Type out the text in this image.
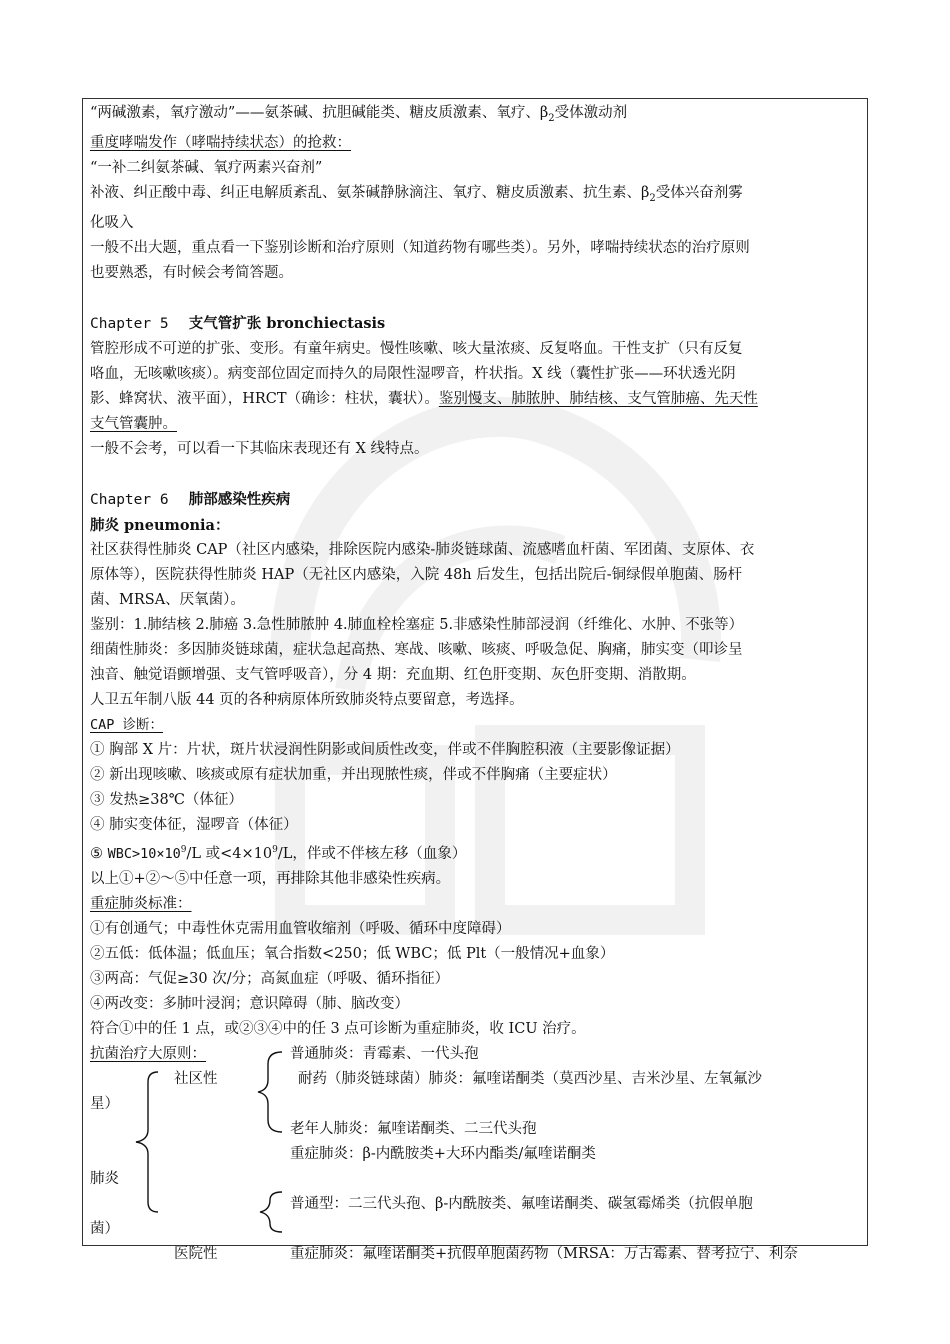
“两碱激素，氧疗激动”——氨茶碱、抗胆碱能类、糖皮质激素、氧疗、$\beta_2$受体激动剂
重度哮喘发作（哮喘持续状态）的抢救：
“一补二纠氨茶碱、氧疗两素兴奋剂”
补液、纠正酸中毒、纠正电解质紊乱、氨茶碱静脉滴注、氧疗、糖皮质激素、抗生素、$\beta_2$受体兴奋剂雾
化吸入
一般不出大题，重点看一下鉴别诊断和治疗原则（知道药物有哪些类）。另外，哮喘持续状态的治疗原则
也要熟悉，有时候会考简答题。
Chapter 5 支气管扩张 bronchiectasis
管腔形成不可逆的扩张、变形。有童年病史。慢性咳嗽、咳大量浓痰、反复咯血。干性支扩（只有反复
咯血，无咳嗽咳痰）。病变部位固定而持久的局限性湿啰音，杵状指。X 线（囊性扩张——环状透光阴
影、蜂窝状、液平面），HRCT（确诊：柱状，囊状）。鉴别慢支、肺脓肿、肺结核、支气管肺癌、先天性
支气管囊肿。
一般不会考，可以看一下其临床表现还有 X 线特点。
Chapter 6 肺部感染性疾病
肺炎 pneumonia：
社区获得性肺炎 CAP（社区内感染，排除医院内感染-肺炎链球菌、流感嗜血杆菌、军团菌、支原体、衣
原体等），医院获得性肺炎 HAP（无社区内感染，入院 48h 后发生，包括出院后-铜绿假单胞菌、肠杆
菌、MRSA、厌氧菌）。
鉴别：1.肺结核 2.肺癌 3.急性肺脓肿 4.肺血栓栓塞症 5.非感染性肺部浸润（纤维化、水肿、不张等）
细菌性肺炎：多因肺炎链球菌，症状急起高热、寒战、咳嗽、咳痰、呼吸急促、胸痛，肺实变（叩诊呈
浊音、触觉语颤增强、支气管呼吸音），分 4 期：充血期、红色肝变期、灰色肝变期、消散期。
人卫五年制八版 44 页的各种病原体所致肺炎特点要留意，考选择。
CAP 诊断：
① 胸部 X 片：片状，斑片状浸润性阴影或间质性改变，伴或不伴胸腔积液（主要影像证据）
② 新出现咳嗽、咳痰或原有症状加重，并出现脓性痰，伴或不伴胸痛（主要症状）
③ 发热≥38℃（体征）
④ 肺实变体征，湿啰音（体征）
⑤ $WBC>10\times 10^9/L$ 或$<4\times 10^9/L$，伴或不伴核左移（血象）
以上①+②～⑤中任意一项，再排除其他非感染性疾病。
重症肺炎标准：
①有创通气；中毒性休克需用血管收缩剂（呼吸、循环中度障碍）
②五低：低体温；低血压；氧合指数<250；低 WBC；低 Plt（一般情况+血象）
③两高：气促≥30 次/分；高氮血症（呼吸、循环指征）
④两改变：多肺叶浸润；意识障碍（肺、脑改变）
符合①中的任 1 点，或②③④中的任 3 点可诊断为重症肺炎，收 ICU 治疗。
抗菌治疗大原则：	普通肺炎：青霉素、一代头孢
社区性	耐药（肺炎链球菌）肺炎：氟喹诺酮类（莫西沙星、吉米沙星、左氧氟沙
星）
老年人肺炎：氟喹诺酮类、二三代头孢
重症肺炎：β-内酰胺类+大环内酯类/氟喹诺酮类
肺炎
普通型：二三代头孢、β-内酰胺类、氟喹诺酮类、碳氢霉烯类（抗假单胞
菌）
医院性	重症肺炎：氟喹诺酮类+抗假单胞菌药物（MRSA：万古霉素、替考拉宁、利奈
